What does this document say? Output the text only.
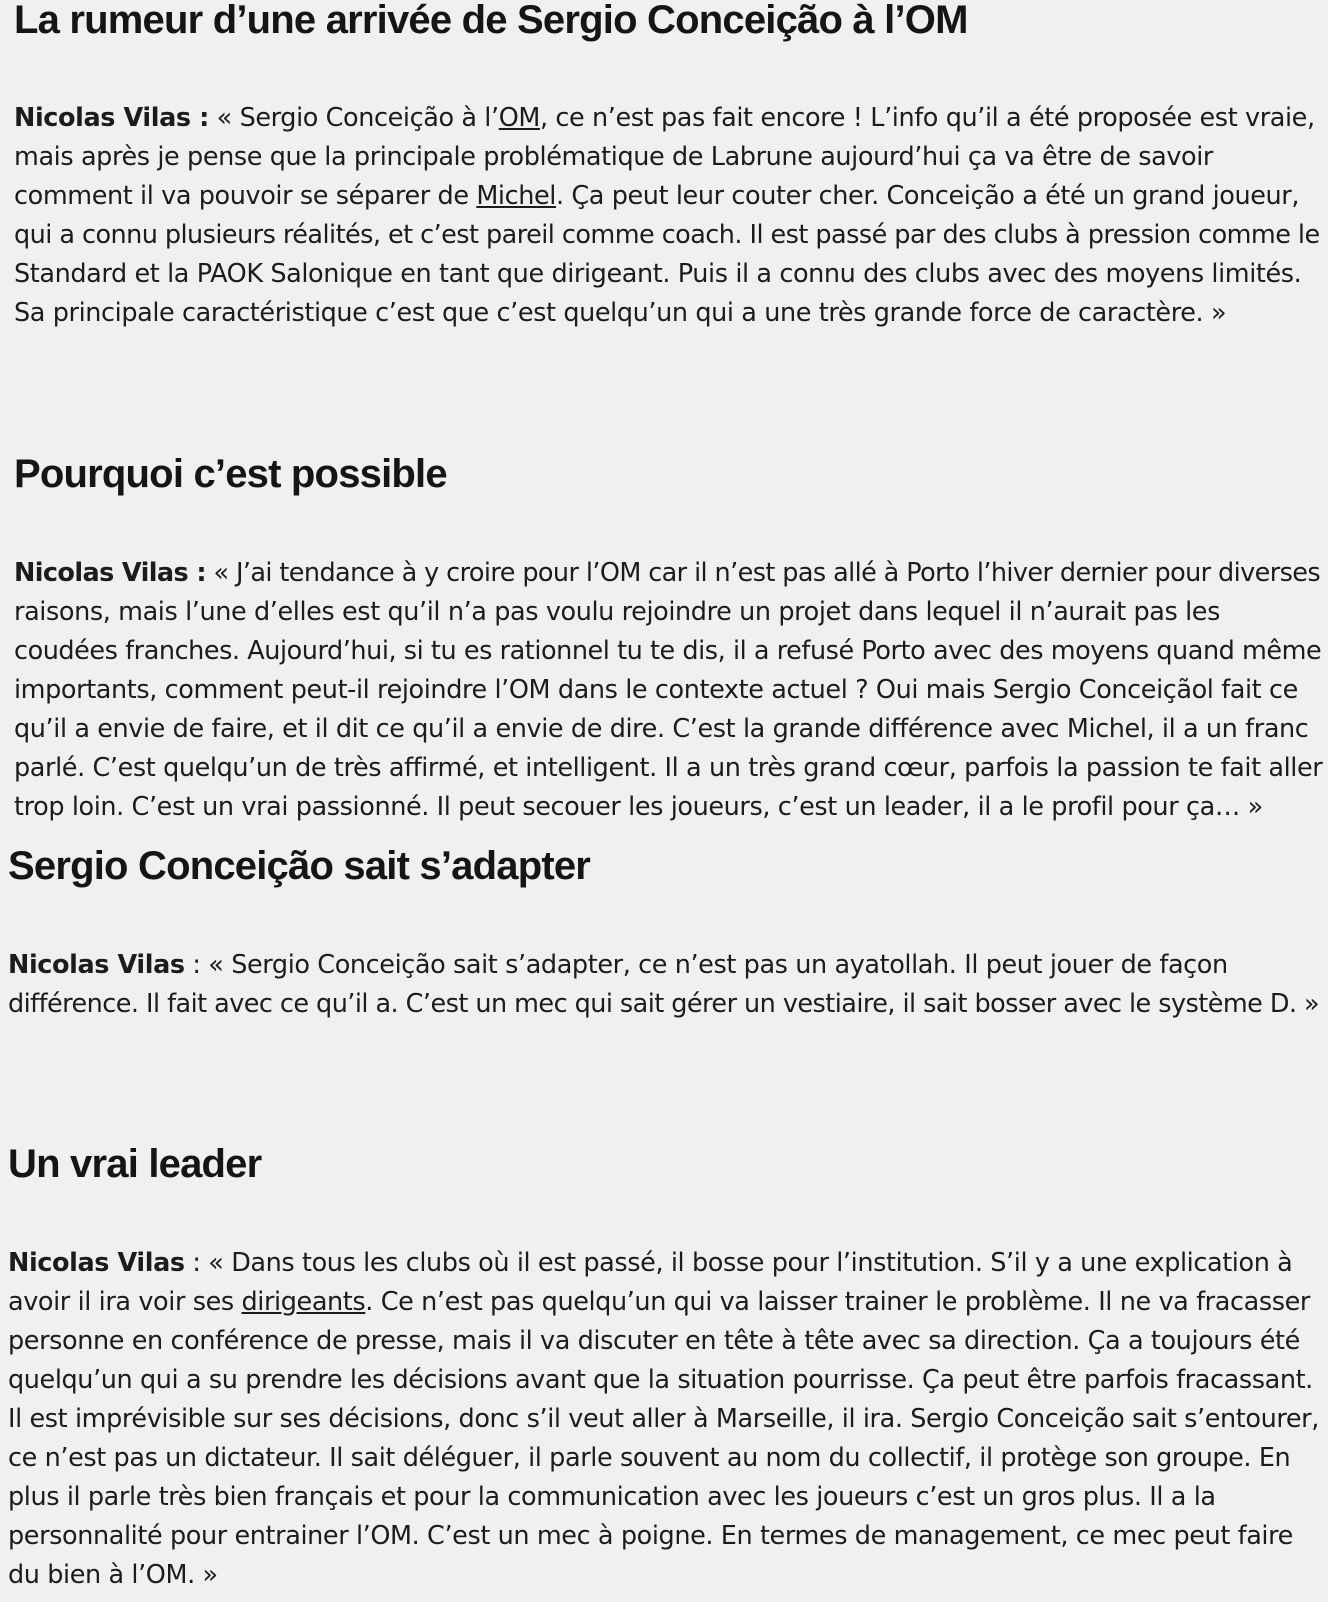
La rumeur d’une arrivée de Sergio Conceição à l’OM

Nicolas Vilas : « Sergio Conceição à l’OM, ce n’est pas fait encore ! L’info qu’il a été proposée est vraie,
mais après je pense que la principale problématique de Labrune aujourd’hui ça va être de savoir
comment il va pouvoir se séparer de Michel. Ça peut leur couter cher. Conceição a été un grand joueur,
qui a connu plusieurs réalités, et c’est pareil comme coach. Il est passé par des clubs à pression comme le
Standard et la PAOK Salonique en tant que dirigeant. Puis il a connu des clubs avec des moyens limités.
Sa principale caractéristique c’est que c’est quelqu’un qui a une très grande force de caractère. »

Pourquoi c’est possible

Nicolas Vilas : « J’ai tendance à y croire pour l’OM car il n’est pas allé à Porto l’hiver dernier pour diverses
raisons, mais l’une d’elles est qu’il n’a pas voulu rejoindre un projet dans lequel il n’aurait pas les
coudées franches. Aujourd’hui, si tu es rationnel tu te dis, il a refusé Porto avec des moyens quand même
importants, comment peut-il rejoindre l’OM dans le contexte actuel ? Oui mais Sergio Conceiçãol fait ce
qu’il a envie de faire, et il dit ce qu’il a envie de dire. C’est la grande différence avec Michel, il a un franc
parlé. C’est quelqu’un de très affirmé, et intelligent. Il a un très grand cœur, parfois la passion te fait aller
trop loin. C’est un vrai passionné. Il peut secouer les joueurs, c’est un leader, il a le profil pour ça… »

Sergio Conceição sait s’adapter

Nicolas Vilas : « Sergio Conceição sait s’adapter, ce n’est pas un ayatollah. Il peut jouer de façon
différence. Il fait avec ce qu’il a. C’est un mec qui sait gérer un vestiaire, il sait bosser avec le système D. »

Un vrai leader

Nicolas Vilas : « Dans tous les clubs où il est passé, il bosse pour l’institution. S’il y a une explication à
avoir il ira voir ses dirigeants. Ce n’est pas quelqu’un qui va laisser trainer le problème. Il ne va fracasser
personne en conférence de presse, mais il va discuter en tête à tête avec sa direction. Ça a toujours été
quelqu’un qui a su prendre les décisions avant que la situation pourrisse. Ça peut être parfois fracassant.
Il est imprévisible sur ses décisions, donc s’il veut aller à Marseille, il ira. Sergio Conceição sait s’entourer,
ce n’est pas un dictateur. Il sait déléguer, il parle souvent au nom du collectif, il protège son groupe. En
plus il parle très bien français et pour la communication avec les joueurs c’est un gros plus. Il a la
personnalité pour entrainer l’OM. C’est un mec à poigne. En termes de management, ce mec peut faire
du bien à l’OM. »
